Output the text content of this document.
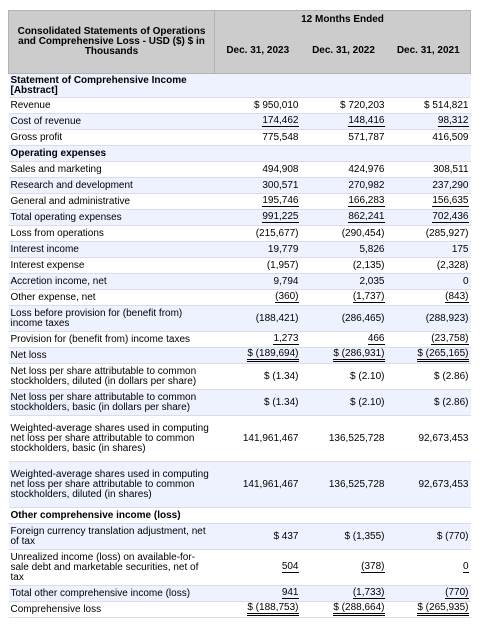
Consolidated Statements of Operations and Comprehensive Loss - USD ($) $ in Thousands	12 Months Ended		
	Dec. 31, 2023	Dec. 31, 2022	Dec. 31, 2021
Statement of Comprehensive Income [Abstract]			
Revenue	$ 950,010	$ 720,203	$ 514,821
Cost of revenue	174,462	148,416	98,312
Gross profit	775,548	571,787	416,509
Operating expenses			
Sales and marketing	494,908	424,976	308,511
Research and development	300,571	270,982	237,290
General and administrative	195,746	166,283	156,635
Total operating expenses	991,225	862,241	702,436
Loss from operations	(215,677)	(290,454)	(285,927)
Interest income	19,779	5,826	175
Interest expense	(1,957)	(2,135)	(2,328)
Accretion income, net	9,794	2,035	0
Other expense, net	(360)	(1,737)	(843)
Loss before provision for (benefit from) income taxes	(188,421)	(286,465)	(288,923)
Provision for (benefit from) income taxes	1,273	466	(23,758)
Net loss	$ (189,694)	$ (286,931)	$ (265,165)
Net loss per share attributable to common stockholders, diluted (in dollars per share)	$ (1.34)	$ (2.10)	$ (2.86)
Net loss per share attributable to common stockholders, basic (in dollars per share)	$ (1.34)	$ (2.10)	$ (2.86)
Weighted-average shares used in computing net loss per share attributable to common stockholders, basic (in shares)	141,961,467	136,525,728	92,673,453
Weighted-average shares used in computing net loss per share attributable to common stockholders, diluted (in shares)	141,961,467	136,525,728	92,673,453
Other comprehensive income (loss)			
Foreign currency translation adjustment, net of tax	$ 437	$ (1,355)	$ (770)
Unrealized income (loss) on available-for-sale debt and marketable securities, net of tax	504	(378)	0
Total other comprehensive income (loss)	941	(1,733)	(770)
Comprehensive loss	$ (188,753)	$ (288,664)	$ (265,935)
